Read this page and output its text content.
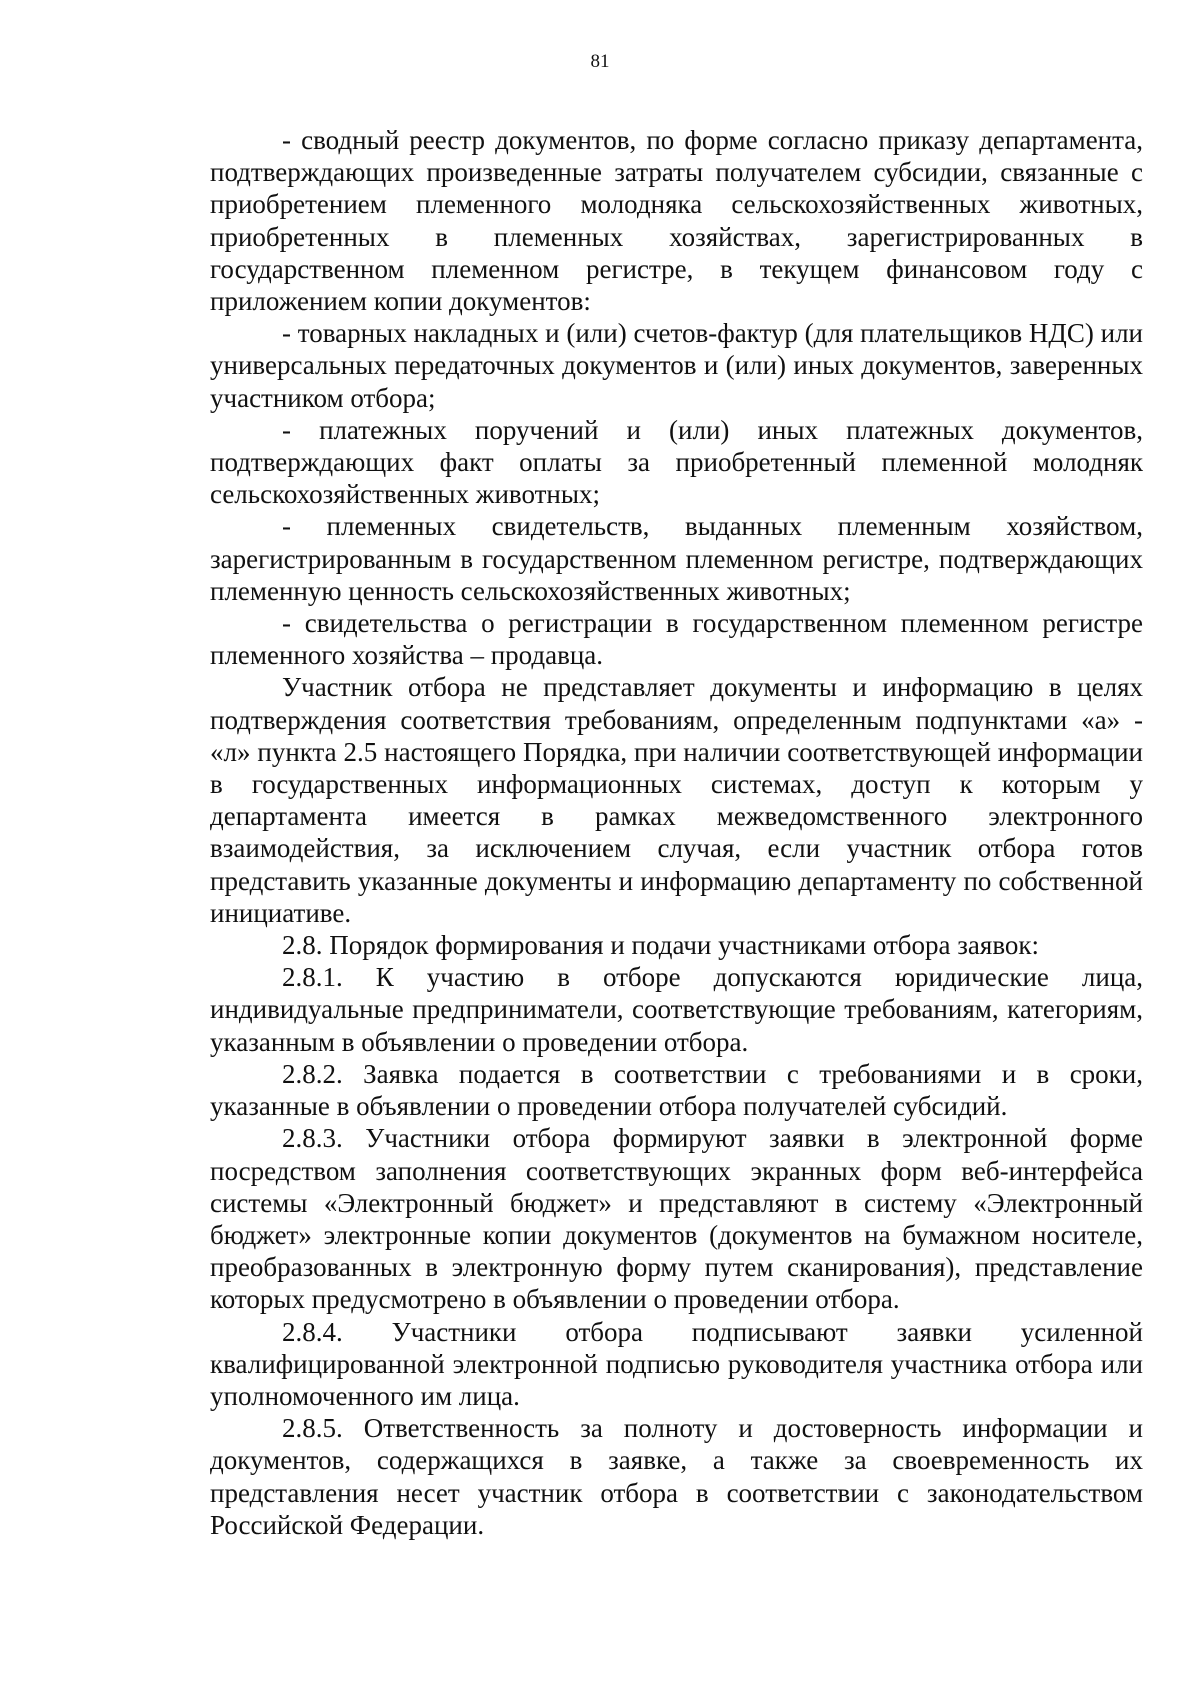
81

- сводный реестр документов, по форме согласно приказу департамента, подтверждающих произведенные затраты получателем субсидии, связанные с приобретением племенного молодняка сельскохозяйственных животных, приобретенных в племенных хозяйствах, зарегистрированных в государственном племенном регистре, в текущем финансовом году с приложением копии документов:

- товарных накладных и (или) счетов-фактур (для плательщиков НДС) или универсальных передаточных документов и (или) иных документов, заверенных участником отбора;

- платежных поручений и (или) иных платежных документов, подтверждающих факт оплаты за приобретенный племенной молодняк сельскохозяйственных животных;

- племенных свидетельств, выданных племенным хозяйством, зарегистрированным в государственном племенном регистре, подтверждающих племенную ценность сельскохозяйственных животных;

- свидетельства о регистрации в государственном племенном регистре племенного хозяйства – продавца.

Участник отбора не представляет документы и информацию в целях подтверждения соответствия требованиям, определенным подпунктами «а» - «л» пункта 2.5 настоящего Порядка, при наличии соответствующей информации в государственных информационных системах, доступ к которым у департамента имеется в рамках межведомственного электронного взаимодействия, за исключением случая, если участник отбора готов представить указанные документы и информацию департаменту по собственной инициативе.

2.8. Порядок формирования и подачи участниками отбора заявок:

2.8.1. К участию в отборе допускаются юридические лица, индивидуальные предприниматели, соответствующие требованиям, категориям, указанным в объявлении о проведении отбора.

2.8.2. Заявка подается в соответствии с требованиями и в сроки, указанные в объявлении о проведении отбора получателей субсидий.

2.8.3. Участники отбора формируют заявки в электронной форме посредством заполнения соответствующих экранных форм веб-интерфейса системы «Электронный бюджет» и представляют в систему «Электронный бюджет» электронные копии документов (документов на бумажном носителе, преобразованных в электронную форму путем сканирования), представление которых предусмотрено в объявлении о проведении отбора.

2.8.4. Участники отбора подписывают заявки усиленной квалифицированной электронной подписью руководителя участника отбора или уполномоченного им лица.

2.8.5. Ответственность за полноту и достоверность информации и документов, содержащихся в заявке, а также за своевременность их представления несет участник отбора в соответствии с законодательством Российской Федерации.
